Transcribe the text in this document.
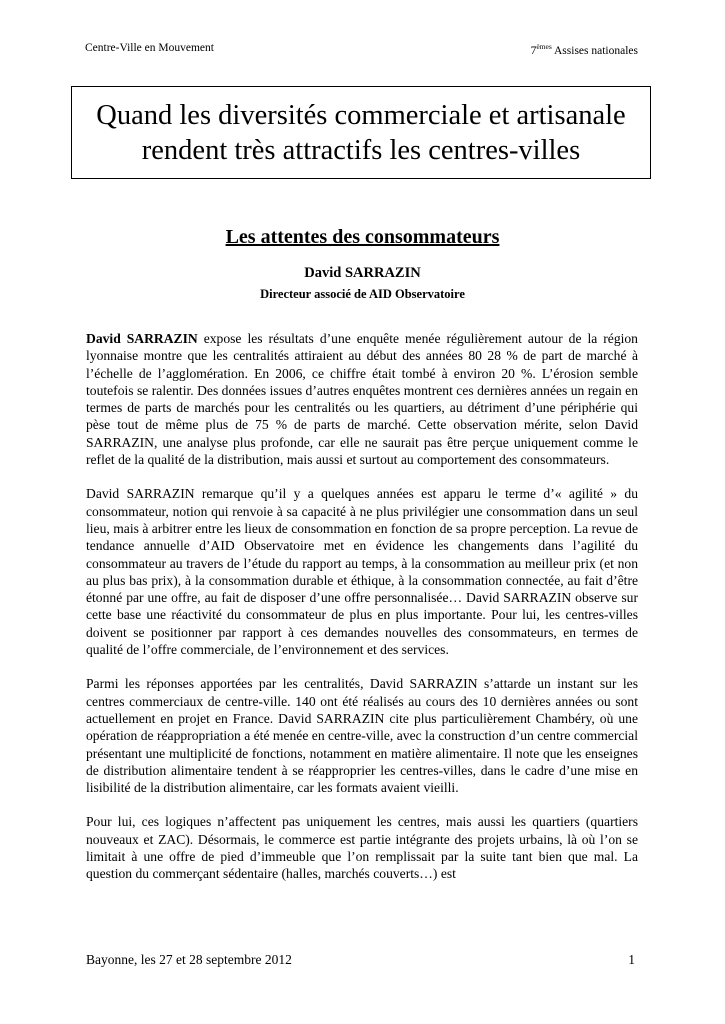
Centre-Ville en Mouvement	7èmes Assises nationales
Quand les diversités commerciale et artisanale
rendent très attractifs les centres-villes
Les attentes des consommateurs
David SARRAZIN
Directeur associé de AID Observatoire

David SARRAZIN expose les résultats d’une enquête menée régulièrement autour de la région lyonnaise montre que les centralités attiraient au début des années 80 28 % de part de marché à l’échelle de l’agglomération. En 2006, ce chiffre était tombé à environ 20 %. L’érosion semble toutefois se ralentir. Des données issues d’autres enquêtes montrent ces dernières années un regain en termes de parts de marchés pour les centralités ou les quartiers, au détriment d’une périphérie qui pèse tout de même plus de 75 % de parts de marché. Cette observation mérite, selon David SARRAZIN, une analyse plus profonde, car elle ne saurait pas être perçue uniquement comme le reflet de la qualité de la distribution, mais aussi et surtout au comportement des consommateurs.

David SARRAZIN remarque qu’il y a quelques années est apparu le terme d’« agilité » du consommateur, notion qui renvoie à sa capacité à ne plus privilégier une consommation dans un seul lieu, mais à arbitrer entre les lieux de consommation en fonction de sa propre perception. La revue de tendance annuelle d’AID Observatoire met en évidence les changements dans l’agilité du consommateur au travers de l’étude du rapport au temps, à la consommation au meilleur prix (et non au plus bas prix), à la consommation durable et éthique, à la consommation connectée, au fait d’être étonné par une offre, au fait de disposer d’une offre personnalisée… David SARRAZIN observe sur cette base une réactivité du consommateur de plus en plus importante. Pour lui, les centres-villes doivent se positionner par rapport à ces demandes nouvelles des consommateurs, en termes de qualité de l’offre commerciale, de l’environnement et des services.

Parmi les réponses apportées par les centralités, David SARRAZIN s’attarde un instant sur les centres commerciaux de centre-ville. 140 ont été réalisés au cours des 10 dernières années ou sont actuellement en projet en France. David SARRAZIN cite plus particulièrement Chambéry, où une opération de réappropriation a été menée en centre-ville, avec la construction d’un centre commercial présentant une multiplicité de fonctions, notamment en matière alimentaire. Il note que les enseignes de distribution alimentaire tendent à se réapproprier les centres-villes, dans le cadre d’une mise en lisibilité de la distribution alimentaire, car les formats avaient vieilli.

Pour lui, ces logiques n’affectent pas uniquement les centres, mais aussi les quartiers (quartiers nouveaux et ZAC). Désormais, le commerce est partie intégrante des projets urbains, là où l’on se limitait à une offre de pied d’immeuble que l’on remplissait par la suite tant bien que mal. La question du commerçant sédentaire (halles, marchés couverts…) est

Bayonne, les 27 et 28 septembre 2012	1
